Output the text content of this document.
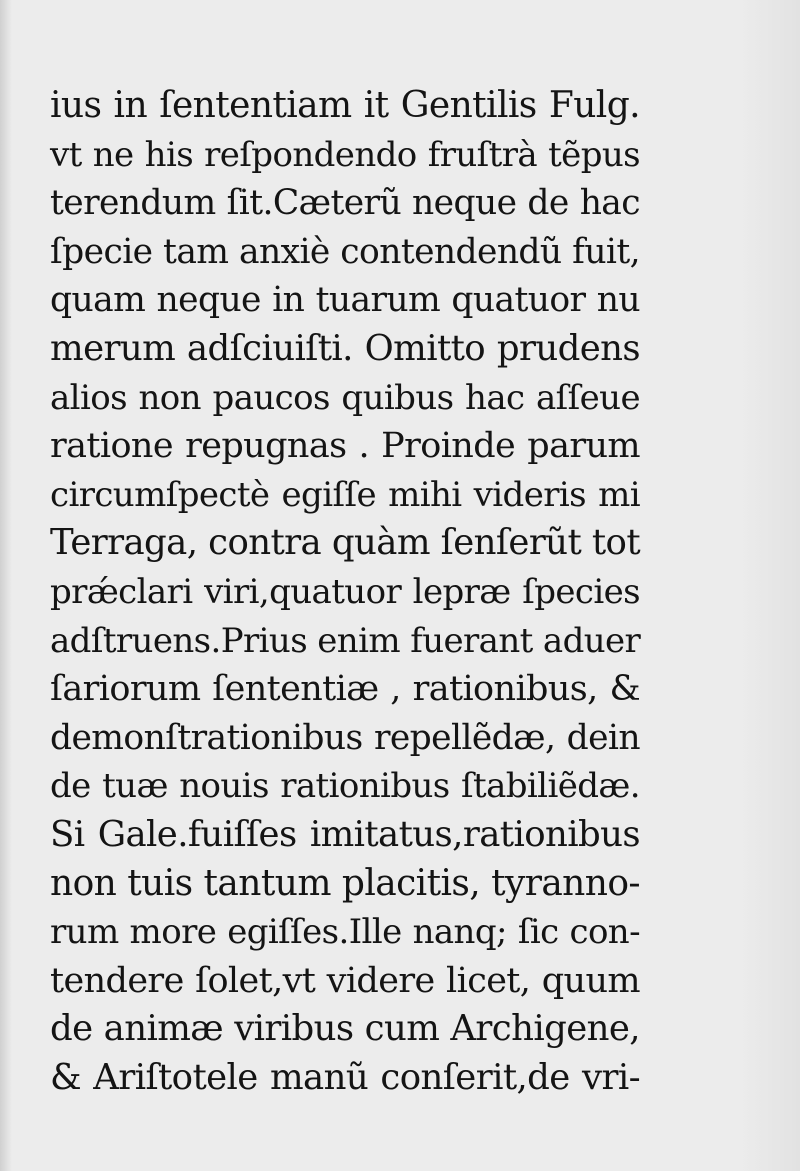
ius in ſententiam it Gentilis Fulg.
vt ne his reſpondendo fruſtrà tẽpus
terendum ſit.Cæterũ neque de hac
ſpecie tam anxiè contendendũ fuit,
quam neque in tuarum quatuor nu
merum adſciuiſti. Omitto prudens
alios non paucos quibus hac aſſeue
ratione repugnas . Proinde parum
circumſpectè egiſſe mihi videris mi
Terraga, contra quàm ſenſerũt tot
prǽclari viri,quatuor lepræ ſpecies
adſtruens.Prius enim fuerant aduer
ſariorum ſententiæ , rationibus, &
demonſtrationibus repellẽdæ, dein
de tuæ nouis rationibus ſtabiliẽdæ.
Si Gale.fuiſſes imitatus,rationibus
non tuis tantum placitis, tyranno-
rum more egiſſes.Ille nanq; ſic con-
tendere ſolet,vt videre licet, quum
de animæ viribus cum Archigene,
& Ariſtotele manũ conſerit,de vri-
